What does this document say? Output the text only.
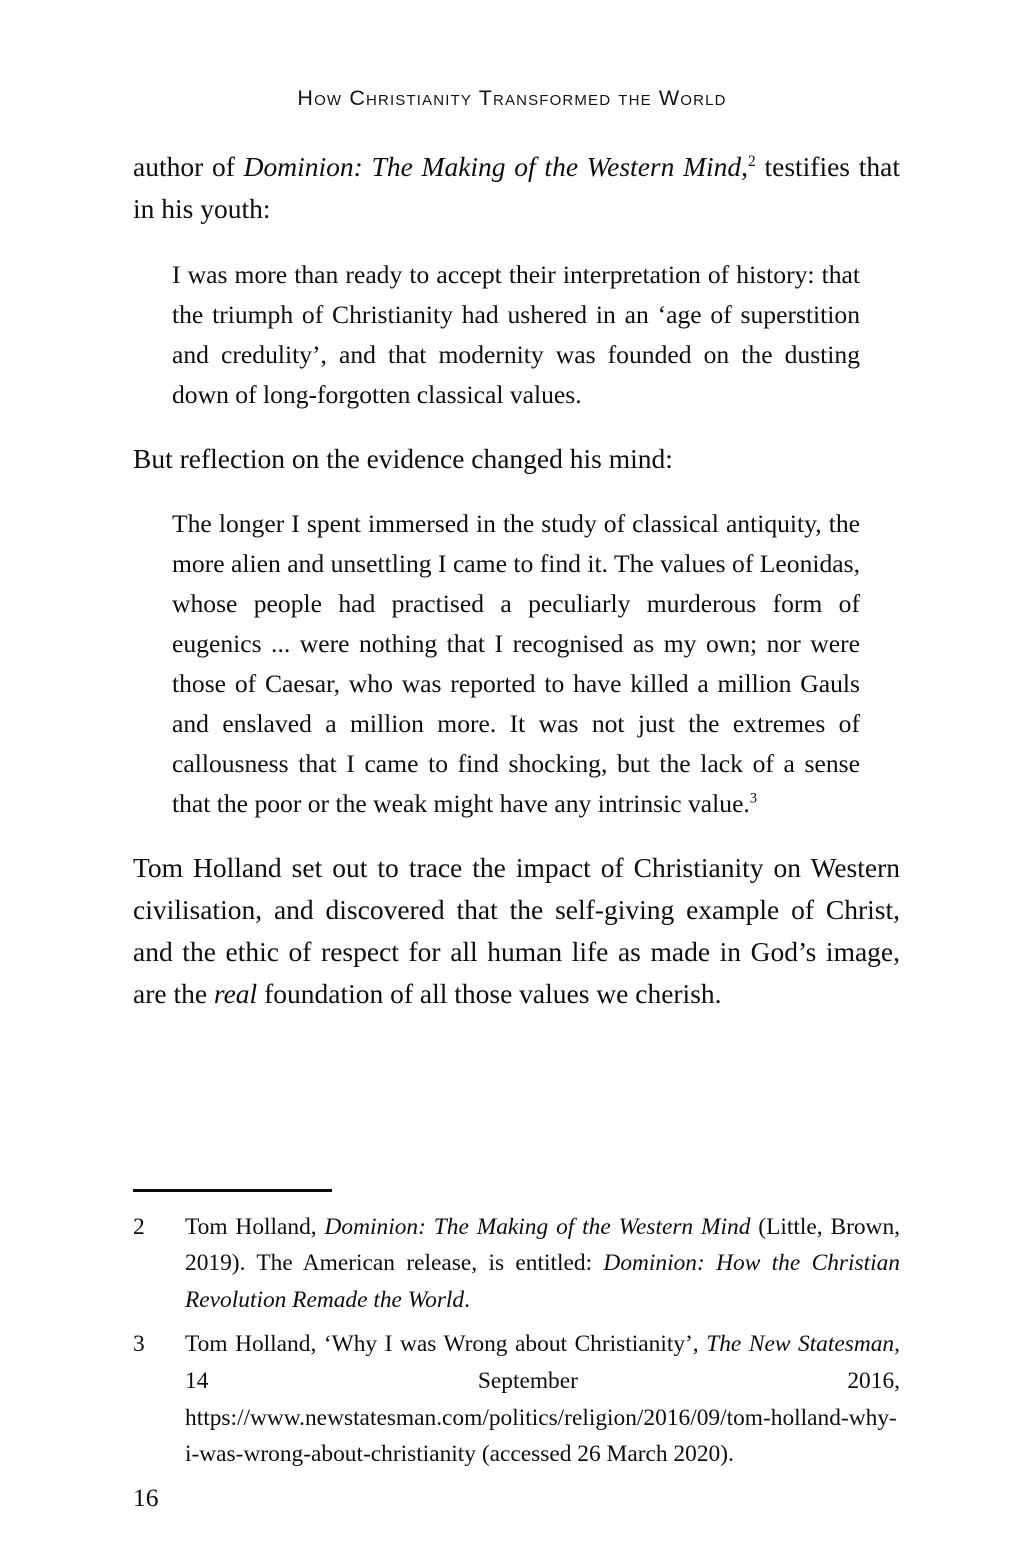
How Christianity Transformed the World

author of Dominion: The Making of the Western Mind,$^2$ testifies that in his youth:

I was more than ready to accept their interpretation of history: that the triumph of Christianity had ushered in an ‘age of superstition and credulity’, and that modernity was founded on the dusting down of long-forgotten classical values.

But reflection on the evidence changed his mind:

The longer I spent immersed in the study of classical antiquity, the more alien and unsettling I came to find it. The values of Leonidas, whose people had practised a peculiarly murderous form of eugenics ... were nothing that I recognised as my own; nor were those of Caesar, who was reported to have killed a million Gauls and enslaved a million more. It was not just the extremes of callousness that I came to find shocking, but the lack of a sense that the poor or the weak might have any intrinsic value.$^3$

Tom Holland set out to trace the impact of Christianity on Western civilisation, and discovered that the self-giving example of Christ, and the ethic of respect for all human life as made in God’s image, are the real foundation of all those values we cherish.

2	Tom Holland, Dominion: The Making of the Western Mind (Little, Brown, 2019). The American release, is entitled: Dominion: How the Christian Revolution Remade the World.
3	Tom Holland, ‘Why I was Wrong about Christianity’, The New Statesman, 14 September 2016, https://www.newstatesman.com/politics/religion/2016/09/tom-holland-why-i-was-wrong-about-christianity (accessed 26 March 2020).
16
